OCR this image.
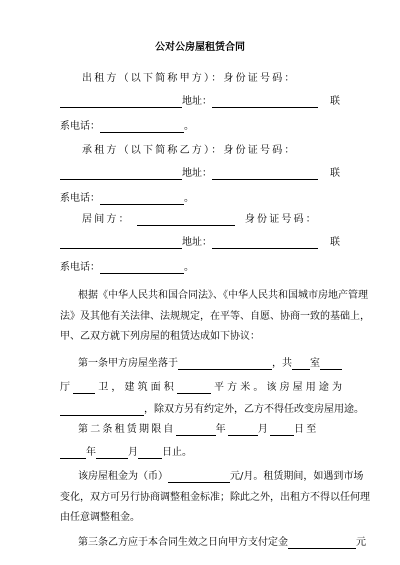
公对公房屋租赁合同
出租方（以下简称甲方）：身份证号码：
地址：	联
系电话：	。
承租方（以下简称乙方）：身份证号码：
地址：	联
系电话：	。
居间方：	身份证号码：
地址：	联
系电话：	。
根据《中华人民共和国合同法》、《中华人民共和国城市房地产管理
法》及其他有关法律、法规规定，在平等、自愿、协商一致的基础上，
甲、乙双方就下列房屋的租赁达成如下协议：
第一条甲方房屋坐落于	，共 室
厅 卫，建筑面积	平方米。该房屋用途为
，除双方另有约定外，乙方不得任改变房屋用途。
第二条租赁期限自	年	月 日至
年	月 日止。
该房屋租金为（币）	元/月。租赁期间，如遇到市场
变化，双方可另行协商调整租金标准；除此之外，出租方不得以任何理
由任意调整租金。
第三条乙方应于本合同生效之日向甲方支付定金	元
